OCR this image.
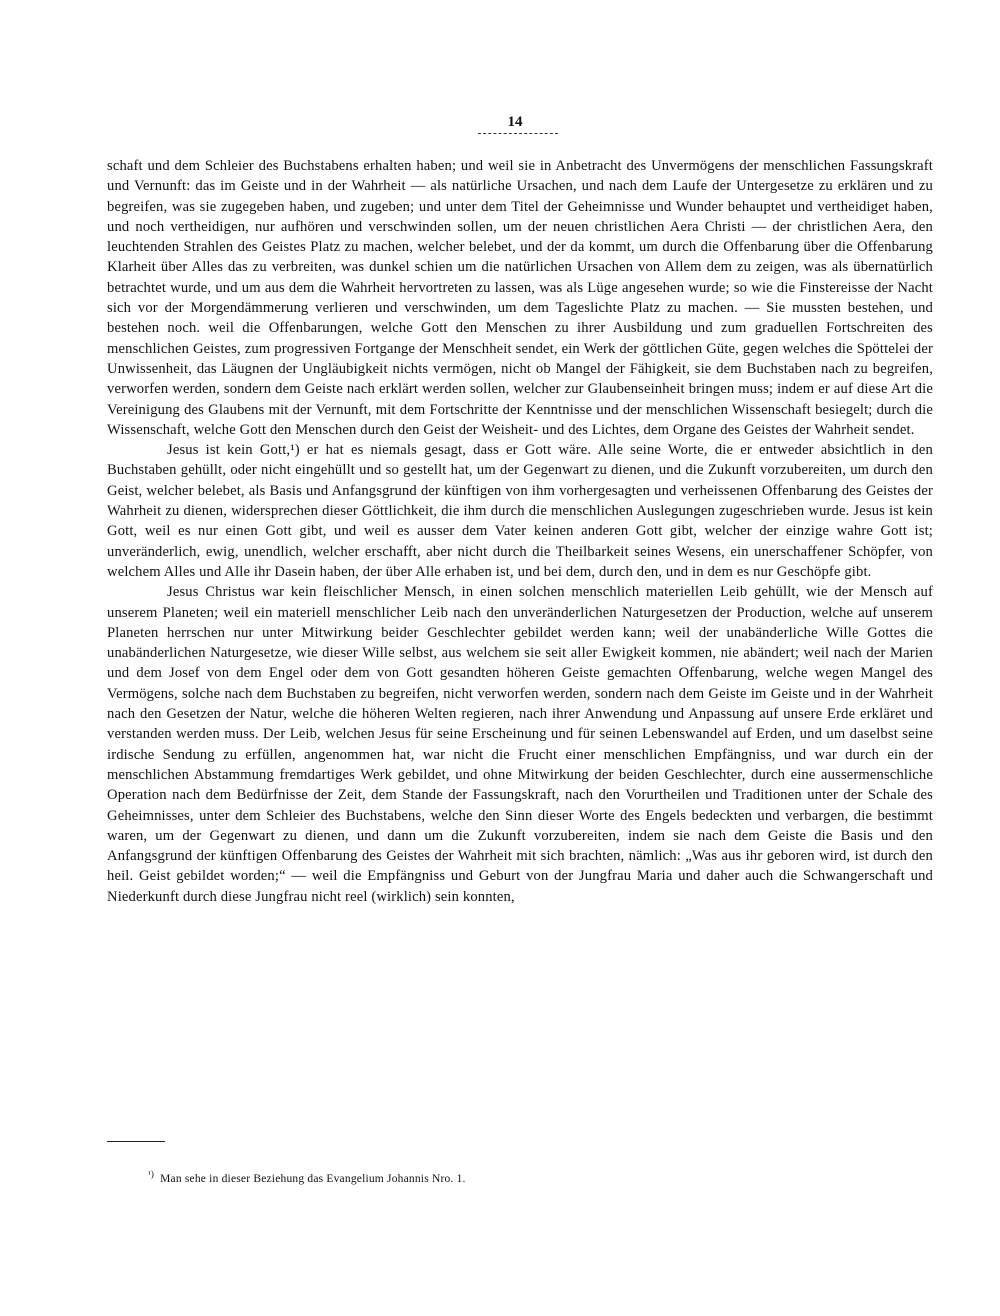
14

schaft und dem Schleier des Buchstabens erhalten haben; und weil sie in Anbetracht des Unvermögens der menschlichen Fassungskraft und Vernunft: das im Geiste und in der Wahrheit — als natürliche Ursachen, und nach dem Laufe der Untergesetze zu erklären und zu begreifen, was sie zugegeben haben, und zugeben; und unter dem Titel der Geheimnisse und Wunder behauptet und vertheidiget haben, und noch vertheidigen, nur aufhören und verschwinden sollen, um der neuen christlichen Aera Christi — der christlichen Aera, den leuchtenden Strahlen des Geistes Platz zu machen, welcher belebet, und der da kommt, um durch die Offenbarung über die Offenbarung Klarheit über Alles das zu verbreiten, was dunkel schien um die natürlichen Ursachen von Allem dem zu zeigen, was als übernatürlich betrachtet wurde, und um aus dem die Wahrheit hervortreten zu lassen, was als Lüge angesehen wurde; so wie die Finstereisse der Nacht sich vor der Morgendämmerung verlieren und verschwinden, um dem Tageslichte Platz zu machen. — Sie mussten bestehen, und bestehen noch. weil die Offenbarungen, welche Gott den Menschen zu ihrer Ausbildung und zum graduellen Fortschreiten des menschlichen Geistes, zum progressiven Fortgange der Menschheit sendet, ein Werk der göttlichen Güte, gegen welches die Spöttelei der Unwissenheit, das Läugnen der Ungläubigkeit nichts vermögen, nicht ob Mangel der Fähigkeit, sie dem Buchstaben nach zu begreifen, verworfen werden, sondern dem Geiste nach erklärt werden sollen, welcher zur Glaubenseinheit bringen muss; indem er auf diese Art die Vereinigung des Glaubens mit der Vernunft, mit dem Fortschritte der Kenntnisse und der menschlichen Wissenschaft besiegelt; durch die Wissenschaft, welche Gott den Menschen durch den Geist der Weisheit- und des Lichtes, dem Organe des Geistes der Wahrheit sendet.

Jesus ist kein Gott,¹) er hat es niemals gesagt, dass er Gott wäre. Alle seine Worte, die er entweder absichtlich in den Buchstaben gehüllt, oder nicht eingehüllt und so gestellt hat, um der Gegenwart zu dienen, und die Zukunft vorzubereiten, um durch den Geist, welcher belebet, als Basis und Anfangsgrund der künftigen von ihm vorhergesagten und verheissenen Offenbarung des Geistes der Wahrheit zu dienen, widersprechen dieser Göttlichkeit, die ihm durch die menschlichen Auslegungen zugeschrieben wurde. Jesus ist kein Gott, weil es nur einen Gott gibt, und weil es ausser dem Vater keinen anderen Gott gibt, welcher der einzige wahre Gott ist; unveränderlich, ewig, unendlich, welcher erschafft, aber nicht durch die Theilbarkeit seines Wesens, ein unerschaffener Schöpfer, von welchem Alles und Alle ihr Dasein haben, der über Alle erhaben ist, und bei dem, durch den, und in dem es nur Geschöpfe gibt.

Jesus Christus war kein fleischlicher Mensch, in einen solchen menschlich materiellen Leib gehüllt, wie der Mensch auf unserem Planeten; weil ein materiell menschlicher Leib nach den unveränderlichen Naturgesetzen der Production, welche auf unserem Planeten herrschen nur unter Mitwirkung beider Geschlechter gebildet werden kann; weil der unabänderliche Wille Gottes die unabänderlichen Naturgesetze, wie dieser Wille selbst, aus welchem sie seit aller Ewigkeit kommen, nie abändert; weil nach der Marien und dem Josef von dem Engel oder dem von Gott gesandten höheren Geiste gemachten Offenbarung, welche wegen Mangel des Vermögens, solche nach dem Buchstaben zu begreifen, nicht verworfen werden, sondern nach dem Geiste im Geiste und in der Wahrheit nach den Gesetzen der Natur, welche die höheren Welten regieren, nach ihrer Anwendung und Anpassung auf unsere Erde erkläret und verstanden werden muss. Der Leib, welchen Jesus für seine Erscheinung und für seinen Lebenswandel auf Erden, und um daselbst seine irdische Sendung zu erfüllen, angenommen hat, war nicht die Frucht einer menschlichen Empfängniss, und war durch ein der menschlichen Abstammung fremdartiges Werk gebildet, und ohne Mitwirkung der beiden Geschlechter, durch eine aussermenschliche Operation nach dem Bedürfnisse der Zeit, dem Stande der Fassungskraft, nach den Vorurtheilen und Traditionen unter der Schale des Geheimnisses, unter dem Schleier des Buchstabens, welche den Sinn dieser Worte des Engels bedeckten und verbargen, die bestimmt waren, um der Gegenwart zu dienen, und dann um die Zukunft vorzubereiten, indem sie nach dem Geiste die Basis und den Anfangsgrund der künftigen Offenbarung des Geistes der Wahrheit mit sich brachten, nämlich: „Was aus ihr geboren wird, ist durch den heil. Geist gebildet worden;“ — weil die Empfängniss und Geburt von der Jungfrau Maria und daher auch die Schwangerschaft und Niederkunft durch diese Jungfrau nicht reel (wirklich) sein konnten,

$^{^1)}$ Man sehe in dieser Beziehung das Evangelium Johannis Nro. 1.
